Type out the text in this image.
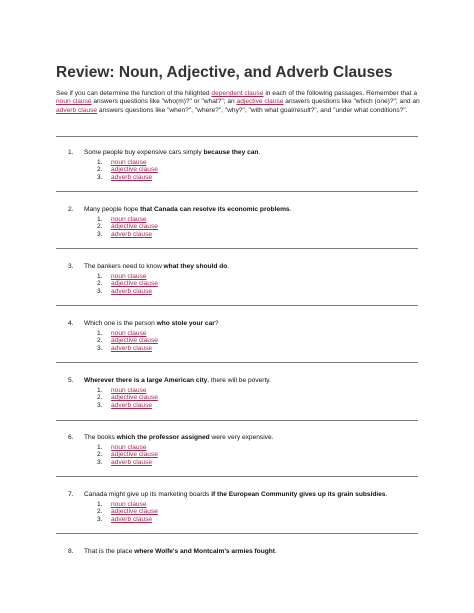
Review: Noun, Adjective, and Adverb Clauses
See if you can determine the function of the hilighted dependent clause in each of the following passages. Remember that a noun clause answers questions like "who(m)?" or "what?"; an adjective clause answers questions like "which (one)?"; and an adverb clause answers questions like "when?", "where?", "why?", "with what goal/result?", and "under what conditions?".
1. Some people buy expensive cars simply because they can.
1. noun clause
2. adjective clause
3. adverb clause
2. Many people hope that Canada can resolve its economic problems.
1. noun clause
2. adjective clause
3. adverb clause
3. The bankers need to know what they should do.
1. noun clause
2. adjective clause
3. adverb clause
4. Which one is the person who stole your car?
1. noun clause
2. adjective clause
3. adverb clause
5. Wherever there is a large American city, there will be poverty.
1. noun clause
2. adjective clause
3. adverb clause
6. The books which the professor assigned were very expensive.
1. noun clause
2. adjective clause
3. adverb clause
7. Canada might give up its marketing boards if the European Community gives up its grain subsidies.
1. noun clause
2. adjective clause
3. adverb clause
8. That is the place where Wolfe's and Montcalm's armies fought.
